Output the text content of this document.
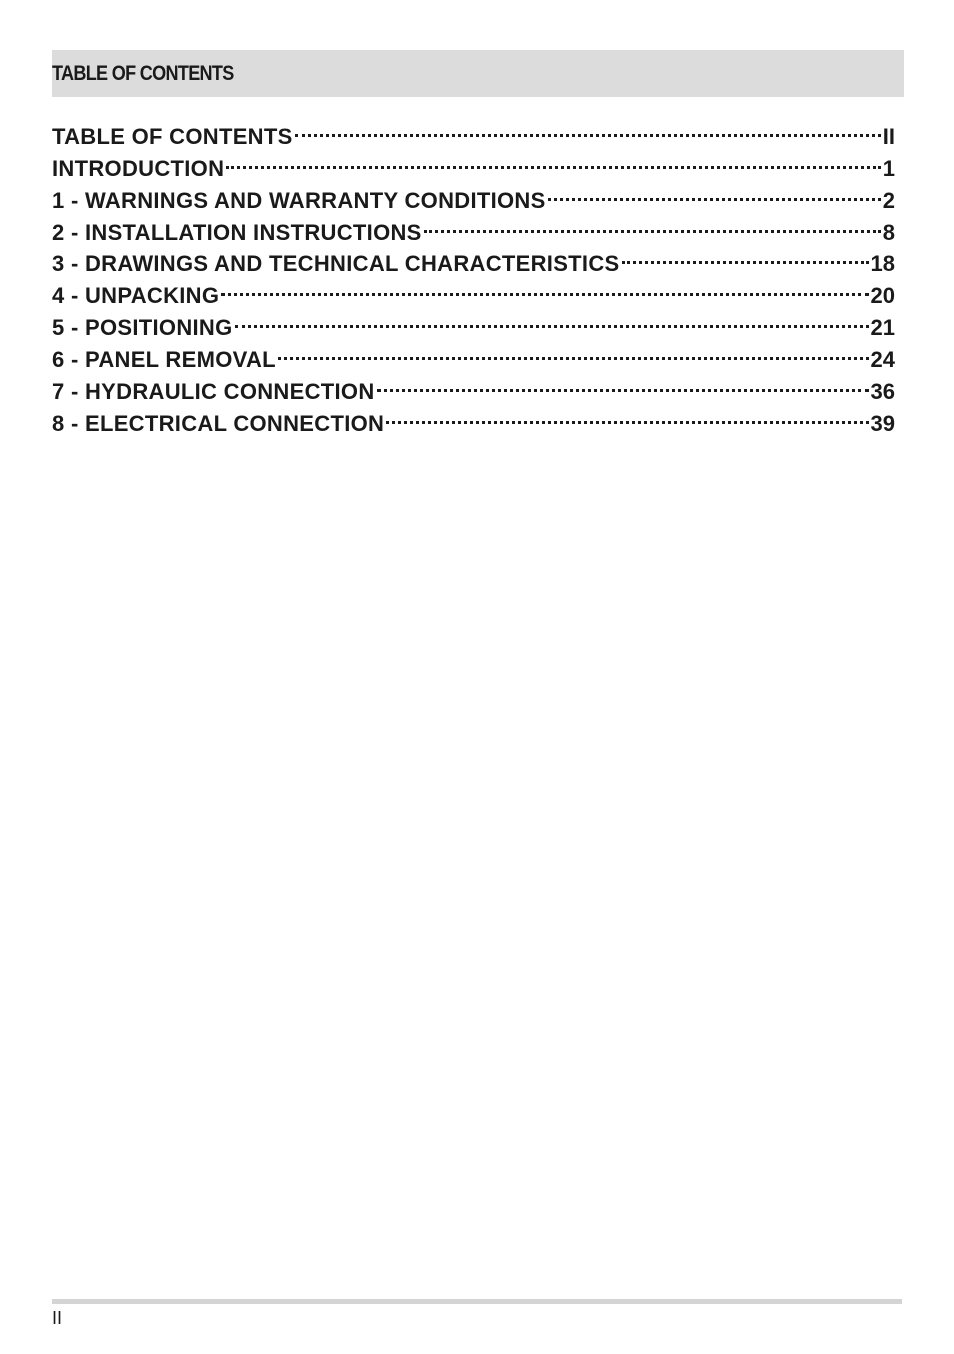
TABLE OF CONTENTS
TABLE OF CONTENTS	II
INTRODUCTION	1
1 - WARNINGS AND WARRANTY CONDITIONS	2
2 - INSTALLATION INSTRUCTIONS	8
3 - DRAWINGS AND TECHNICAL CHARACTERISTICS	18
4 - UNPACKING	20
5 - POSITIONING	21
6 - PANEL REMOVAL	24
7 - HYDRAULIC CONNECTION	36
8 - ELECTRICAL CONNECTION	39
II
